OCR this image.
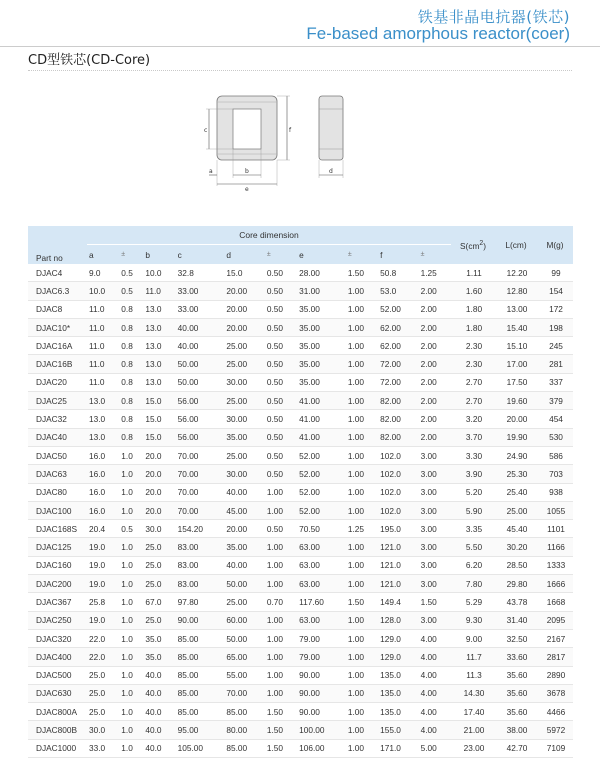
铁基非晶电抗器(铁芯)
Fe-based amorphous reactor(coer)
CD型铁芯(CD-Core)
c	f
a	b
e
d
Part no	Core dimension										$S(cm^2)$	L(cm)	M(g)
	a	±	b	c	d	±	e	±	f	±			
DJAC4	9.0	0.5	10.0	32.8	15.0	0.50	28.00	1.50	50.8	1.25	1.11	12.20	99
DJAC6.3	10.0	0.5	11.0	33.00	20.00	0.50	31.00	1.00	53.0	2.00	1.60	12.80	154
DJAC8	11.0	0.8	13.0	33.00	20.00	0.50	35.00	1.00	52.00	2.00	1.80	13.00	172
DJAC10*	11.0	0.8	13.0	40.00	20.00	0.50	35.00	1.00	62.00	2.00	1.80	15.40	198
DJAC16A	11.0	0.8	13.0	40.00	25.00	0.50	35.00	1.00	62.00	2.00	2.30	15.10	245
DJAC16B	11.0	0.8	13.0	50.00	25.00	0.50	35.00	1.00	72.00	2.00	2.30	17.00	281
DJAC20	11.0	0.8	13.0	50.00	30.00	0.50	35.00	1.00	72.00	2.00	2.70	17.50	337
DJAC25	13.0	0.8	15.0	56.00	25.00	0.50	41.00	1.00	82.00	2.00	2.70	19.60	379
DJAC32	13.0	0.8	15.0	56.00	30.00	0.50	41.00	1.00	82.00	2.00	3.20	20.00	454
DJAC40	13.0	0.8	15.0	56.00	35.00	0.50	41.00	1.00	82.00	2.00	3.70	19.90	530
DJAC50	16.0	1.0	20.0	70.00	25.00	0.50	52.00	1.00	102.0	3.00	3.30	24.90	586
DJAC63	16.0	1.0	20.0	70.00	30.00	0.50	52.00	1.00	102.0	3.00	3.90	25.30	703
DJAC80	16.0	1.0	20.0	70.00	40.00	1.00	52.00	1.00	102.0	3.00	5.20	25.40	938
DJAC100	16.0	1.0	20.0	70.00	45.00	1.00	52.00	1.00	102.0	3.00	5.90	25.00	1055
DJAC168S	20.4	0.5	30.0	154.20	20.00	0.50	70.50	1.25	195.0	3.00	3.35	45.40	1101
DJAC125	19.0	1.0	25.0	83.00	35.00	1.00	63.00	1.00	121.0	3.00	5.50	30.20	1166
DJAC160	19.0	1.0	25.0	83.00	40.00	1.00	63.00	1.00	121.0	3.00	6.20	28.50	1333
DJAC200	19.0	1.0	25.0	83.00	50.00	1.00	63.00	1.00	121.0	3.00	7.80	29.80	1666
DJAC367	25.8	1.0	67.0	97.80	25.00	0.70	117.60	1.50	149.4	1.50	5.29	43.78	1668
DJAC250	19.0	1.0	25.0	90.00	60.00	1.00	63.00	1.00	128.0	3.00	9.30	31.40	2095
DJAC320	22.0	1.0	35.0	85.00	50.00	1.00	79.00	1.00	129.0	4.00	9.00	32.50	2167
DJAC400	22.0	1.0	35.0	85.00	65.00	1.00	79.00	1.00	129.0	4.00	11.7	33.60	2817
DJAC500	25.0	1.0	40.0	85.00	55.00	1.00	90.00	1.00	135.0	4.00	11.3	35.60	2890
DJAC630	25.0	1.0	40.0	85.00	70.00	1.00	90.00	1.00	135.0	4.00	14.30	35.60	3678
DJAC800A	25.0	1.0	40.0	85.00	85.00	1.50	90.00	1.00	135.0	4.00	17.40	35.60	4466
DJAC800B	30.0	1.0	40.0	95.00	80.00	1.50	100.00	1.00	155.0	4.00	21.00	38.00	5972
DJAC1000	33.0	1.0	40.0	105.00	85.00	1.50	106.00	1.00	171.0	5.00	23.00	42.70	7109
